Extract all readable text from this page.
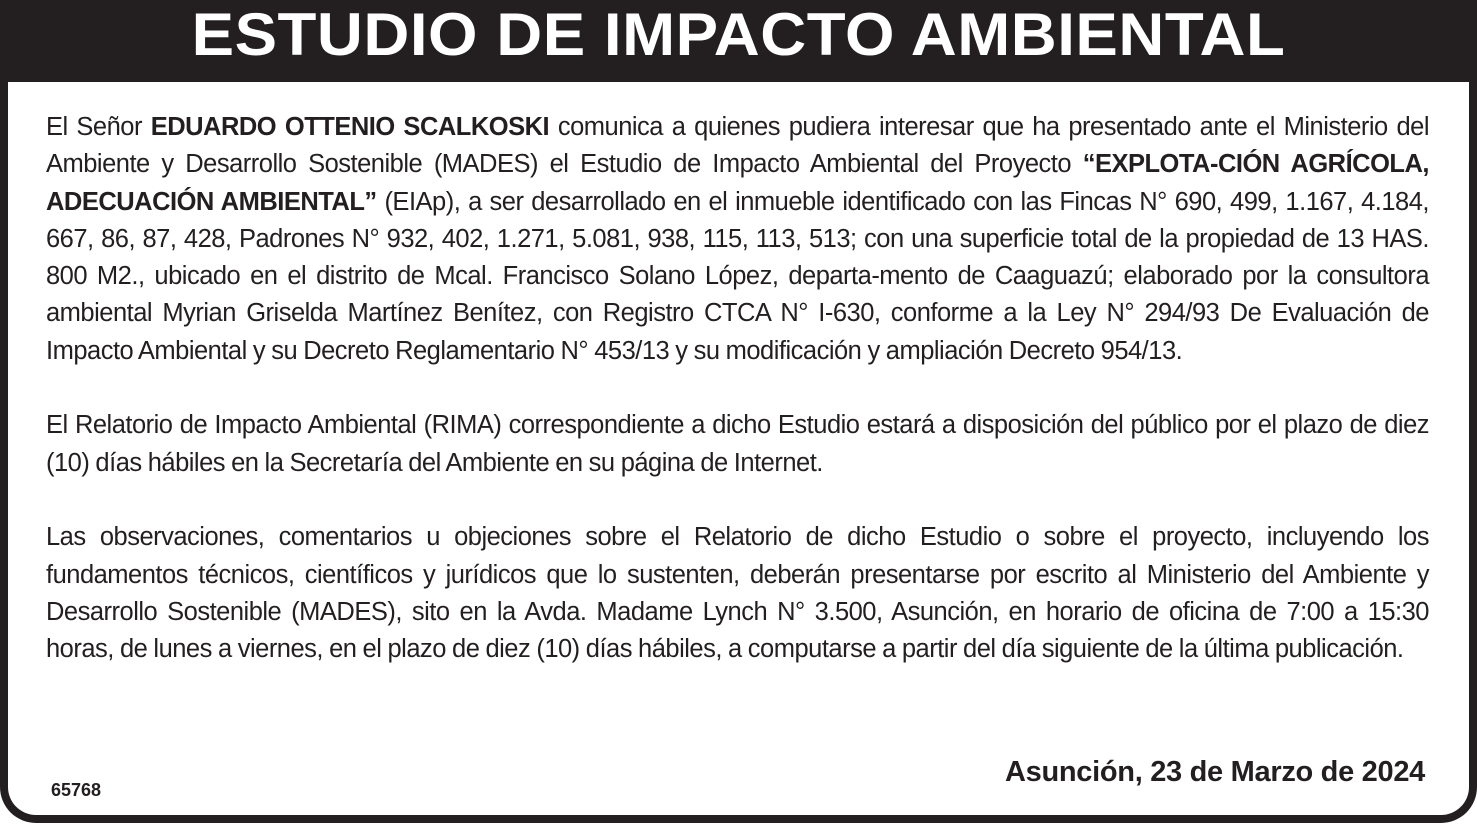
ESTUDIO DE IMPACTO AMBIENTAL

El Señor EDUARDO OTTENIO SCALKOSKI comunica a quienes pudiera interesar que ha presentado ante el Ministerio del Ambiente y Desarrollo Sostenible (MADES) el Estudio de Impacto Ambiental del Proyecto “EXPLOTA-CIÓN AGRÍCOLA, ADECUACIÓN AMBIENTAL” (EIAp), a ser desarrollado en el inmueble identificado con las Fincas N° 690, 499, 1.167, 4.184, 667, 86, 87, 428, Padrones N° 932, 402, 1.271, 5.081, 938, 115, 113, 513; con una superficie total de la propiedad de 13 HAS. 800 M2., ubicado en el distrito de Mcal. Francisco Solano López, departa-mento de Caaguazú; elaborado por la consultora ambiental Myrian Griselda Martínez Benítez, con Registro CTCA N° I-630, conforme a la Ley N° 294/93 De Evaluación de Impacto Ambiental y su Decreto Reglamentario N° 453/13 y su modificación y ampliación Decreto 954/13.

El Relatorio de Impacto Ambiental (RIMA) correspondiente a dicho Estudio estará a disposición del público por el plazo de diez (10) días hábiles en la Secretaría del Ambiente en su página de Internet.

Las observaciones, comentarios u objeciones sobre el Relatorio de dicho Estudio o sobre el proyecto, incluyendo los fundamentos técnicos, científicos y jurídicos que lo sustenten, deberán presentarse por escrito al Ministerio del Ambiente y Desarrollo Sostenible (MADES), sito en la Avda. Madame Lynch N° 3.500, Asunción, en horario de oficina de 7:00 a 15:30 horas, de lunes a viernes, en el plazo de diez (10) días hábiles, a computarse a partir del día siguiente de la última publicación.

Asunción, 23 de Marzo de 2024
65768
